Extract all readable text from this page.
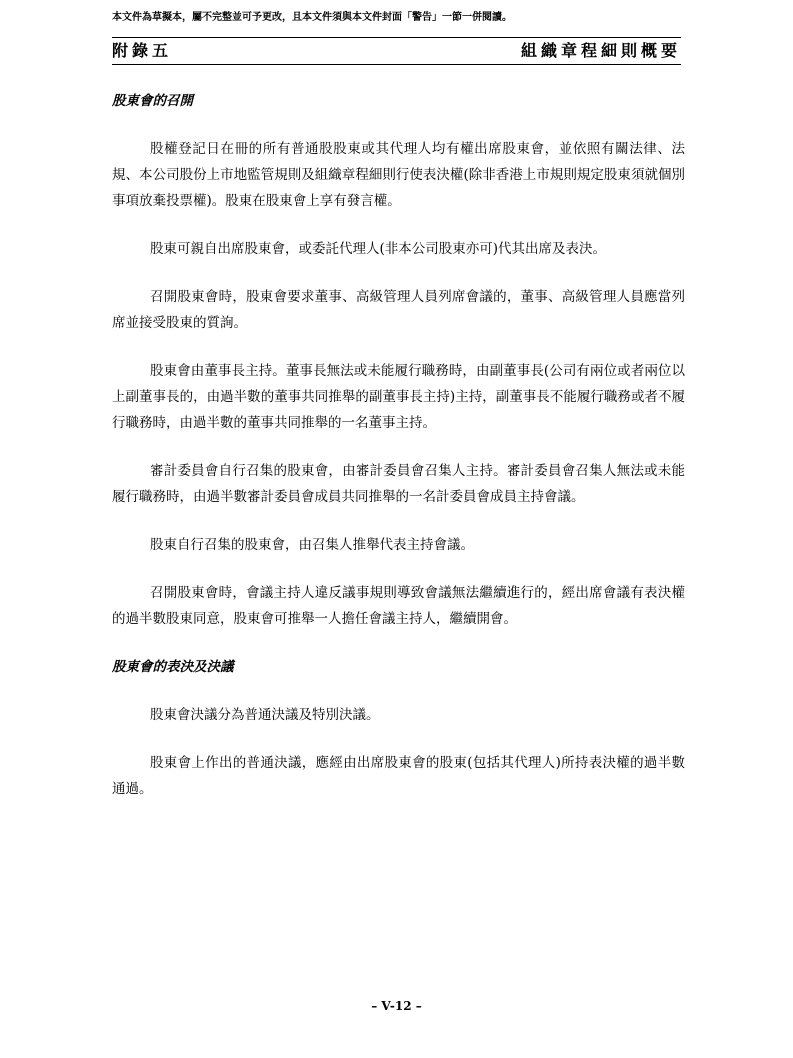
本文件為草擬本，屬不完整並可予更改，且本文件須與本文件封面「警告」一節一併閱讀。
附錄五	組織章程細則概要

股東會的召開

股權登記日在冊的所有普通股股東或其代理人均有權出席股東會，並依照有關法律、法規、本公司股份上市地監管規則及組織章程細則行使表決權(除非香港上市規則規定股東須就個別事項放棄投票權)。股東在股東會上享有發言權。

股東可親自出席股東會，或委託代理人(非本公司股東亦可)代其出席及表決。

召開股東會時，股東會要求董事、高級管理人員列席會議的，董事、高級管理人員應當列席並接受股東的質詢。

股東會由董事長主持。董事長無法或未能履行職務時，由副董事長(公司有兩位或者兩位以上副董事長的，由過半數的董事共同推舉的副董事長主持)主持，副董事長不能履行職務或者不履行職務時，由過半數的董事共同推舉的一名董事主持。

審計委員會自行召集的股東會，由審計委員會召集人主持。審計委員會召集人無法或未能履行職務時，由過半數審計委員會成員共同推舉的一名計委員會成員主持會議。

股東自行召集的股東會，由召集人推舉代表主持會議。

召開股東會時，會議主持人違反議事規則導致會議無法繼續進行的，經出席會議有表決權的過半數股東同意，股東會可推舉一人擔任會議主持人，繼續開會。

股東會的表決及決議

股東會決議分為普通決議及特別決議。

股東會上作出的普通決議，應經由出席股東會的股東(包括其代理人)所持表決權的過半數通過。

– V-12 –
